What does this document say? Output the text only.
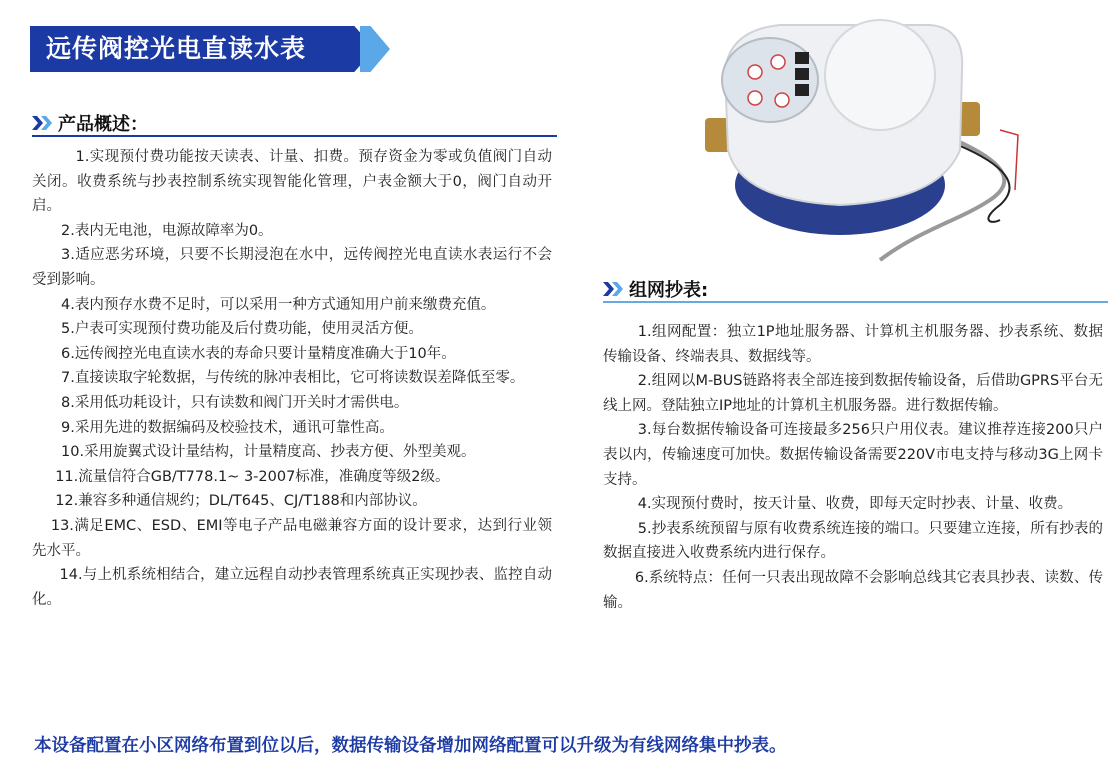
远传阀控光电直读水表
产品概述：

1.实现预付费功能按天读表、计量、扣费。预存资金为零或负值阀门自动关闭。收费系统与抄表控制系统实现智能化管理，户表金额大于0，阀门自动开启。

2.表内无电池，电源故障率为0。

3.适应恶劣环境，只要不长期浸泡在水中，远传阀控光电直读水表运行不会受到影响。

4.表内预存水费不足时，可以采用一种方式通知用户前来缴费充值。

5.户表可实现预付费功能及后付费功能，使用灵活方便。

6.远传阀控光电直读水表的寿命只要计量精度准确大于10年。

7.直接读取字轮数据，与传统的脉冲表相比，它可将读数误差降低至零。

8.采用低功耗设计，只有读数和阀门开关时才需供电。

9.采用先进的数据编码及校验技术，通讯可靠性高。

10.采用旋翼式设计量结构，计量精度高、抄表方便、外型美观。

11.流量信符合GB/T778.1~ 3-2007标准，准确度等级2级。

12.兼容多种通信规约；DL/T645、CJ/T188和内部协议。

13.满足EMC、ESD、EMI等电子产品电磁兼容方面的设计要求，达到行业领先水平。

14.与上机系统相结合，建立远程自动抄表管理系统真正实现抄表、监控自动化。

组网抄表:

1.组网配置：独立1P地址服务器、计算机主机服务器、抄表系统、数据传输设备、终端表具、数据线等。

2.组网以M-BUS链路将表全部连接到数据传输设备，后借助GPRS平台无线上网。登陆独立IP地址的计算机主机服务器。进行数据传输。

3.每台数据传输设备可连接最多256只户用仪表。建议推荐连接200只户表以内，传输速度可加快。数据传输设备需要220V市电支持与移动3G上网卡支持。

4.实现预付费时，按天计量、收费，即每天定时抄表、计量、收费。

5.抄表系统预留与原有收费系统连接的端口。只要建立连接，所有抄表的数据直接进入收费系统内进行保存。

6.系统特点：任何一只表出现故障不会影响总线其它表具抄表、读数、传输。

本设备配置在小区网络布置到位以后，数据传输设备增加网络配置可以升级为有线网络集中抄表。
